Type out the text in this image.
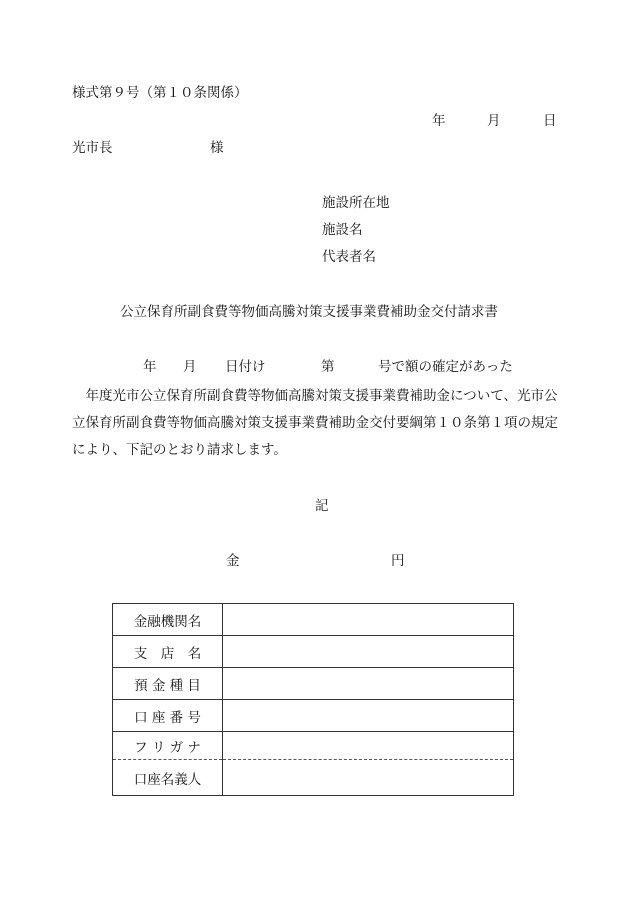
様式第９号（第１０条関係）
年	月	日
光市長	様
施設所在地
施設名
代表者名
公立保育所副食費等物価高騰対策支援事業費補助金交付請求書
年 月 日付け	第	号で額の確定があった
　年度光市公立保育所副食費等物価高騰対策支援事業費補助金について、光市公立保育所副食費等物価高騰対策支援事業費補助金交付要綱第１０条第１項の規定により、下記のとおり請求します。
記
金	円
金融機関名	
支　店　名	
預 金 種 目	
口 座 番 号	
フ リ ガ ナ	
口座名義人	
